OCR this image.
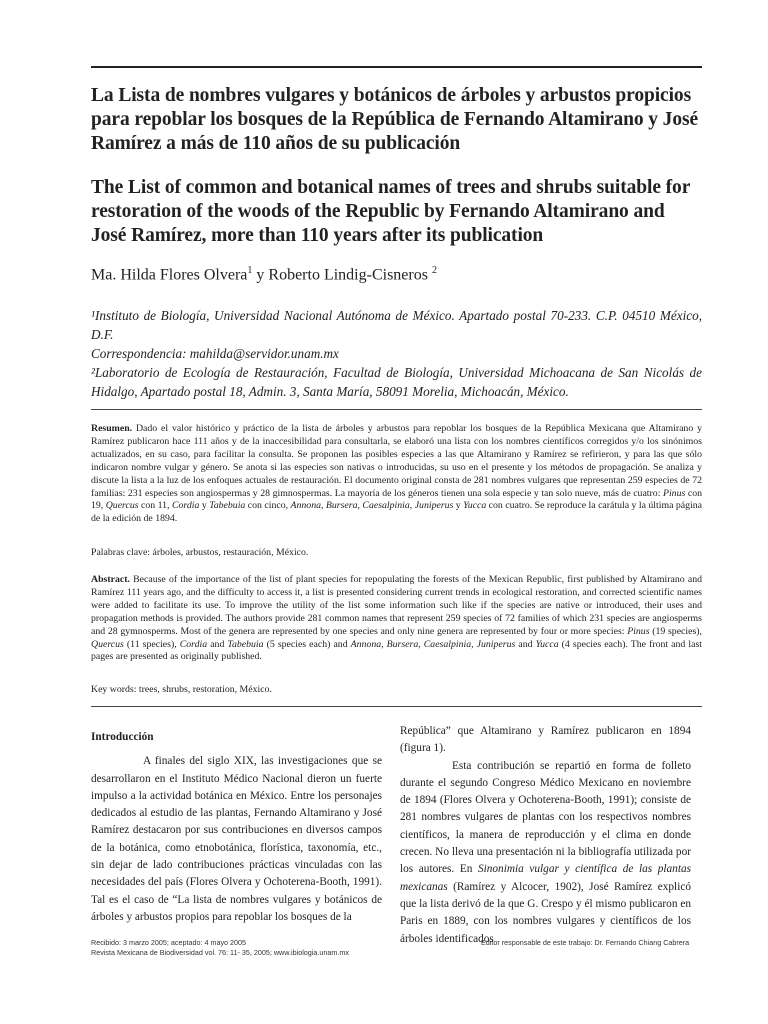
La Lista de nombres vulgares y botánicos de árboles y arbustos propicios para repoblar los bosques de la República de Fernando Altamirano y José Ramírez a más de 110 años de su publicación
The List of common and botanical names of trees and shrubs suitable for restoration of the woods of the Republic by Fernando Altamirano and José Ramírez, more than 110 years after its publication
Ma. Hilda Flores Olvera$^1$ y Roberto Lindig-Cisneros $^2$

¹Instituto de Biología, Universidad Nacional Autónoma de México. Apartado postal 70-233. C.P. 04510 México, D.F.

Correspondencia: mahilda@servidor.unam.mx

²Laboratorio de Ecología de Restauración, Facultad de Biología, Universidad Michoacana de San Nicolás de Hidalgo, Apartado postal 18, Admin. 3, Santa María, 58091 Morelia, Michoacán, México.

Resumen. Dado el valor histórico y práctico de la lista de árboles y arbustos para repoblar los bosques de la República Mexicana que Altamirano y Ramírez publicaron hace 111 años y de la inaccesibilidad para consultarla, se elaboró una lista con los nombres científicos corregidos y/o los sinónimos actualizados, en su caso, para facilitar la consulta. Se proponen las posibles especies a las que Altamirano y Ramírez se refirieron, y para las que sólo indicaron nombre vulgar y género. Se anota si las especies son nativas o introducidas, su uso en el presente y los métodos de propagación. Se analiza y discute la lista a la luz de los enfoques actuales de restauración. El documento original consta de 281 nombres vulgares que representan 259 especies de 72 familias: 231 especies son angiospermas y 28 gimnospermas. La mayoría de los géneros tienen una sola especie y tan solo nueve, más de cuatro: Pinus con 19, Quercus con 11, Cordia y Tabebuia con cinco, Annona, Bursera, Caesalpinia, Juniperus y Yucca con cuatro. Se reproduce la carátula y la última página de la edición de 1894.

Palabras clave: árboles, arbustos, restauración, México.

Abstract. Because of the importance of the list of plant species for repopulating the forests of the Mexican Republic, first published by Altamirano and Ramírez 111 years ago, and the difficulty to access it, a list is presented considering current trends in ecological restoration, and corrected scientific names were added to facilitate its use. To improve the utility of the list some information such like if the species are native or introduced, their uses and propagation methods is provided. The authors provide 281 common names that represent 259 species of 72 families of which 231 species are angiosperms and 28 gymnosperms. Most of the genera are represented by one species and only nine genera are represented by four or more species: Pinus (19 species), Quercus (11 species), Cordia and Tabebuia (5 species each) and Annona, Bursera, Caesalpinia, Juniperus and Yucca (4 species each). The front and last pages are presented as originally published.

Key words: trees, shrubs, restoration, México.

Introducción

A finales del siglo XIX, las investigaciones que se desarrollaron en el Instituto Médico Nacional dieron un fuerte impulso a la actividad botánica en México. Entre los personajes dedicados al estudio de las plantas, Fernando Altamirano y José Ramírez destacaron por sus contribuciones en diversos campos de la botánica, como etnobotánica, florística, taxonomía, etc., sin dejar de lado contribuciones prácticas vinculadas con las necesidades del país (Flores Olvera y Ochoterena-Booth, 1991). Tal es el caso de “La lista de nombres vulgares y botánicos de árboles y arbustos propios para repoblar los bosques de la

República” que Altamirano y Ramírez publicaron en 1894 (figura 1).

Esta contribución se repartió en forma de folleto durante el segundo Congreso Médico Mexicano en noviembre de 1894 (Flores Olvera y Ochoterena-Booth, 1991); consiste de 281 nombres vulgares de plantas con los respectivos nombres científicos, la manera de reproducción y el clima en donde crecen. No lleva una presentación ni la bibliografía utilizada por los autores. En Sinonimia vulgar y científica de las plantas mexicanas (Ramírez y Alcocer, 1902), José Ramírez explicó que la lista derivó de la que G. Crespo y él mismo publicaron en Paris en 1889, con los nombres vulgares y científicos de los árboles identificados

Recibido: 3 marzo 2005; aceptado: 4 mayo 2005

Revista Mexicana de Biodiversidad vol. 76: 11- 35, 2005; www.ibiologia.unam.mx

Editor responsable de este trabajo: Dr. Fernando Chiang Cabrera
